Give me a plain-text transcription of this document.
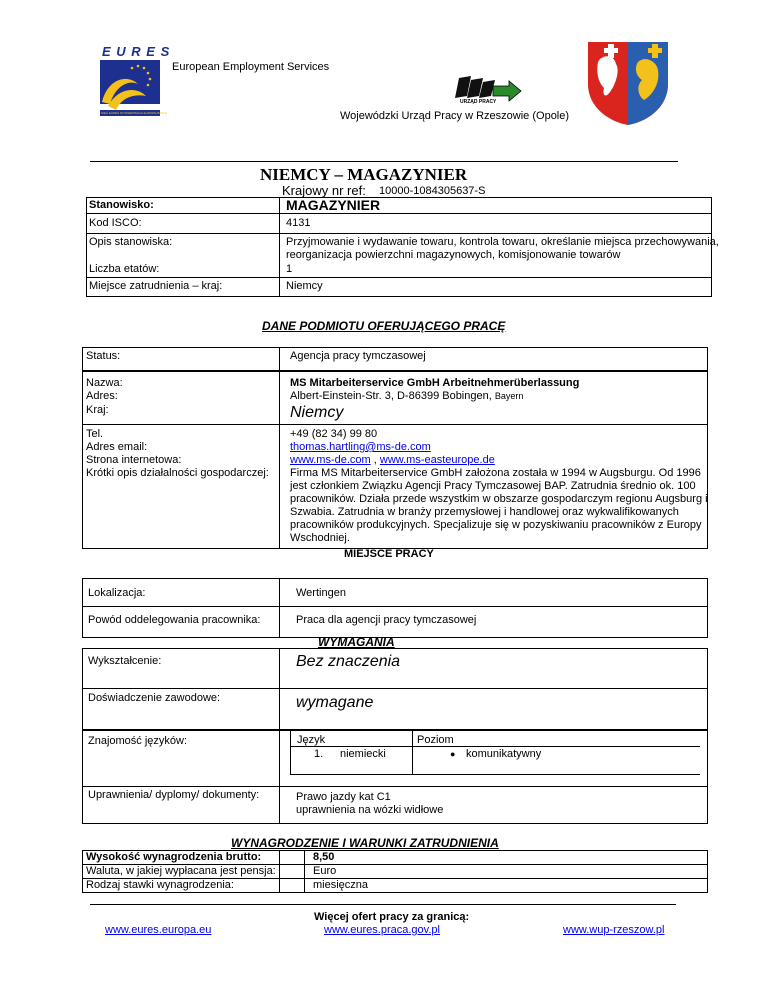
E U R E S
SIEĆ EURES W PRZEPISACH EUROPEJSKICH
European Employment Services
URZĄD PRACY
Wojewódzki Urząd Pracy w Rzeszowie (Opole)
NIEMCY – MAGAZYNIER
Krajowy nr ref: 10000-1084305637-S
Stanowisko:	MAGAZYNIER
Kod ISCO:	4131
Opis stanowiska:	Przyjmowanie i wydawanie towaru, kontrola towaru, określanie miejsca przechowywania,
reorganizacja powierzchni magazynowych, komisjonowanie towarów
Liczba etatów:	1
Miejsce zatrudnienia – kraj:	Niemcy
DANE PODMIOTU OFERUJĄCEGO PRACĘ
Status:	Agencja pracy tymczasowej
Nazwa:	MS Mitarbeiterservice GmbH Arbeitnehmerüberlassung
Adres:	Albert-Einstein-Str. 3, D-86399 Bobingen, Bayern
Kraj:	Niemcy
Tel.	+49 (82 34) 99 80
Adres email:	thomas.hartling@ms-de.com
Strona internetowa:	www.ms-de.com , www.ms-easteurope.de
Krótki opis działalności gospodarczej: Firma MS Mitarbeiterservice GmbH założona została w 1994 w Augsburgu. Od 1996
jest członkiem Związku Agencji Pracy Tymczasowej BAP. Zatrudnia średnio ok. 100
pracowników. Działa przede wszystkim w obszarze gospodarczym regionu Augsburg i
Szwabia. Zatrudnia w branży przemysłowej i handlowej oraz wykwalifikowanych
pracowników produkcyjnych. Specjalizuje się w pozyskiwaniu pracowników z Europy
Wschodniej.
MIEJSCE PRACY
Lokalizacja:	Wertingen
Powód oddelegowania pracownika:	Praca dla agencji pracy tymczasowej
WYMAGANIA
Wykształcenie:	Bez znaczenia
Doświadczenie zawodowe:	wymagane
Znajomość języków:	Język	Poziom
1. niemiecki	● komunikatywny
Uprawnienia/ dyplomy/ dokumenty:	Prawo jazdy kat C1
uprawnienia na wózki widłowe
WYNAGRODZENIE I WARUNKI ZATRUDNIENIA
Wysokość wynagrodzenia brutto:	8,50
Waluta, w jakiej wypłacana jest pensja:	Euro
Rodzaj stawki wynagrodzenia:	miesięczna
Więcej ofert pracy za granicą:
www.eures.europa.eu	www.eures.praca.gov.pl	www.wup-rzeszow.pl
